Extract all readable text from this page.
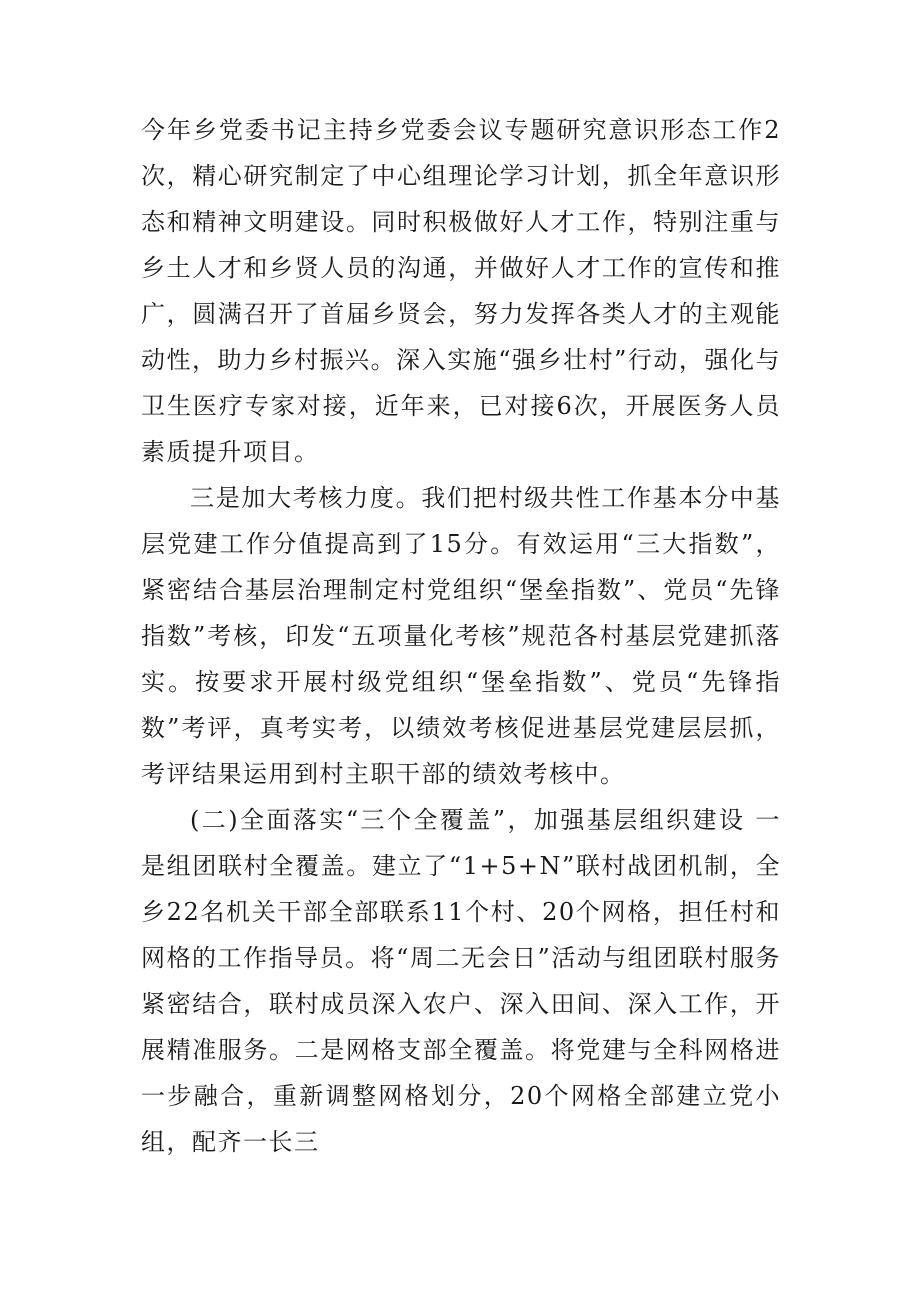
今年乡党委书记主持乡党委会议专题研究意识形态工作2次，精心研究制定了中心组理论学习计划，抓全年意识形态和精神文明建设。同时积极做好人才工作，特别注重与乡土人才和乡贤人员的沟通，并做好人才工作的宣传和推广，圆满召开了首届乡贤会，努力发挥各类人才的主观能动性，助力乡村振兴。深入实施“强乡壮村”行动，强化与卫生医疗专家对接，近年来，已对接6次，开展医务人员素质提升项目。

三是加大考核力度。我们把村级共性工作基本分中基层党建工作分值提高到了15分。有效运用“三大指数”，紧密结合基层治理制定村党组织“堡垒指数”、党员“先锋指数”考核，印发“五项量化考核”规范各村基层党建抓落实。按要求开展村级党组织“堡垒指数”、党员“先锋指数”考评，真考实考，以绩效考核促进基层党建层层抓，考评结果运用到村主职干部的绩效考核中。

(二)全面落实“三个全覆盖”，加强基层组织建设 一是组团联村全覆盖。建立了“1+5+N”联村战团机制，全乡22名机关干部全部联系11个村、20个网格，担任村和网格的工作指导员。将“周二无会日”活动与组团联村服务紧密结合，联村成员深入农户、深入田间、深入工作，开展精准服务。二是网格支部全覆盖。将党建与全科网格进一步融合，重新调整网格划分，20个网格全部建立党小组，配齐一长三
